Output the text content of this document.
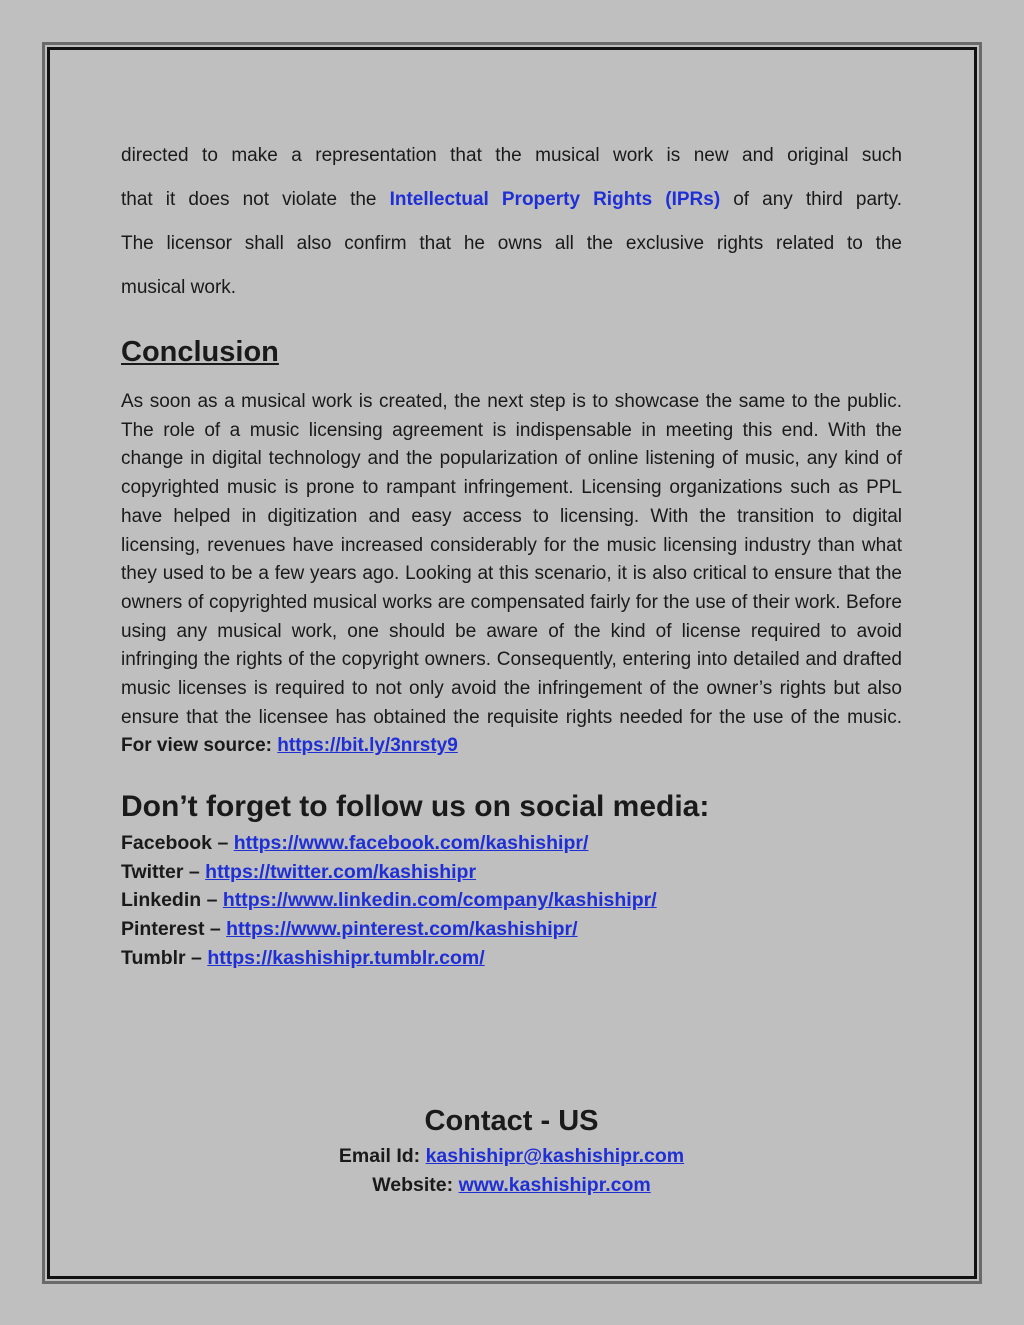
directed to make a representation that the musical work is new and original such
that it does not violate the Intellectual Property Rights (IPRs) of any third party.
The licensor shall also confirm that he owns all the exclusive rights related to the
musical work.
Conclusion

As soon as a musical work is created, the next step is to showcase the same to the public. The role of a music licensing agreement is indispensable in meeting this end. With the change in digital technology and the popularization of online listening of music, any kind of copyrighted music is prone to rampant infringement. Licensing organizations such as PPL have helped in digitization and easy access to licensing. With the transition to digital licensing, revenues have increased considerably for the music licensing industry than what they used to be a few years ago. Looking at this scenario, it is also critical to ensure that the owners of copyrighted musical works are compensated fairly for the use of their work. Before using any musical work, one should be aware of the kind of license required to avoid infringing the rights of the copyright owners. Consequently, entering into detailed and drafted music licenses is required to not only avoid the infringement of the owner’s rights but also ensure that the licensee has obtained the requisite rights needed for the use of the music. For view source: https://bit.ly/3nrsty9

Don’t forget to follow us on social media:
Facebook – https://www.facebook.com/kashishipr/
Twitter – https://twitter.com/kashishipr
Linkedin – https://www.linkedin.com/company/kashishipr/
Pinterest – https://www.pinterest.com/kashishipr/
Tumblr – https://kashishipr.tumblr.com/
Contact - US
Email Id: kashishipr@kashishipr.com
Website: www.kashishipr.com
